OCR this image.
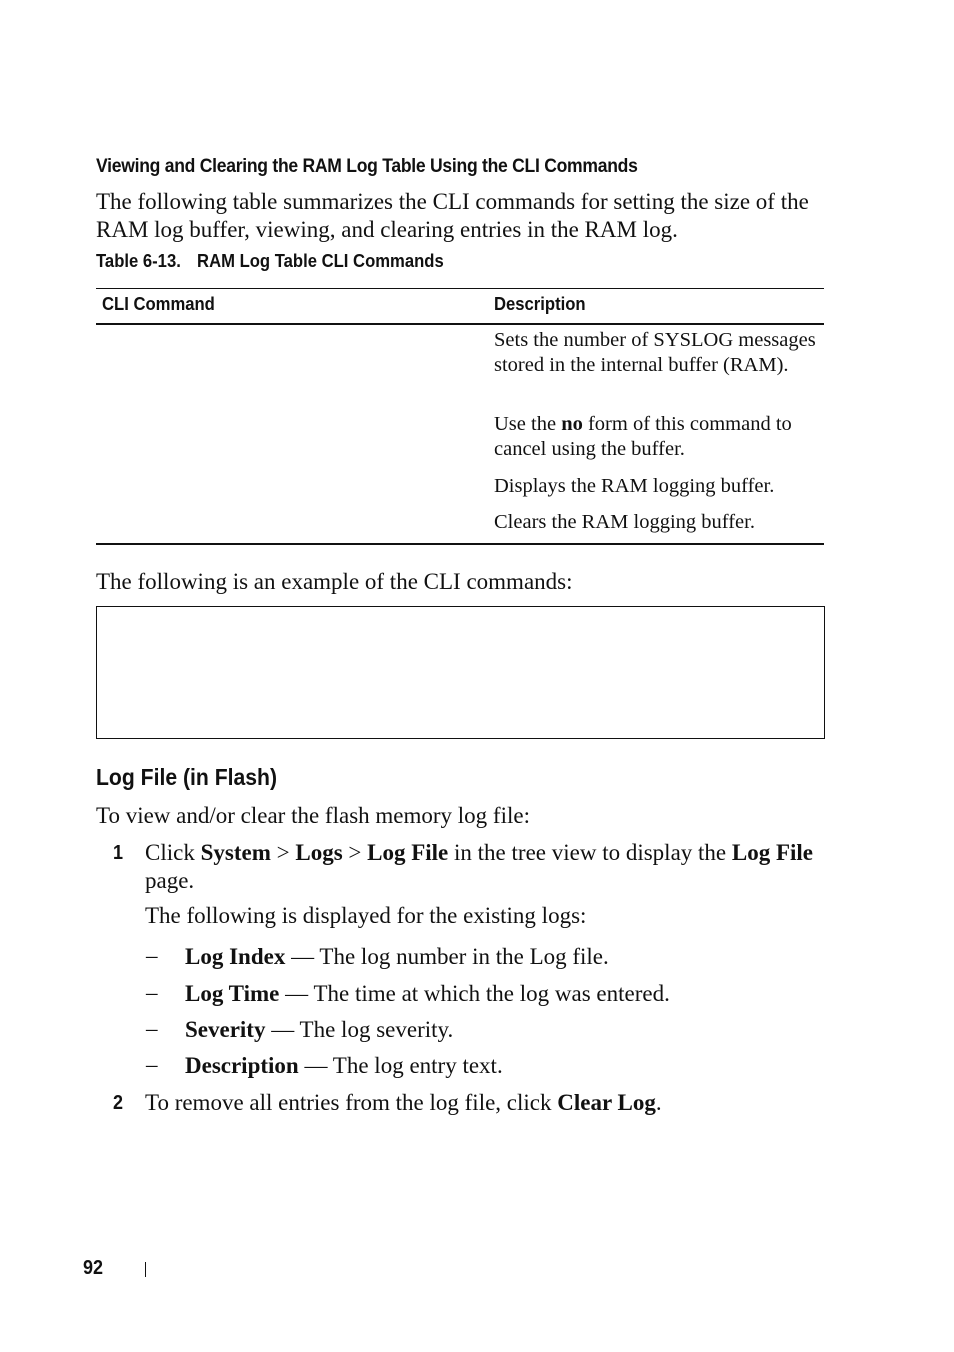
Viewing and Clearing the RAM Log Table Using the CLI Commands
The following table summarizes the CLI commands for setting the size of the RAM log buffer, viewing, and clearing entries in the RAM log.
Table 6-13. RAM Log Table CLI Commands
CLI Command	Description
Sets the number of SYSLOG messages stored in the internal buffer (RAM).
Use the no form of this command to cancel using the buffer.
Displays the RAM logging buffer.
Clears the RAM logging buffer.
The following is an example of the CLI commands:
Log File (in Flash)
To view and/or clear the flash memory log file:
1 Click System > Logs > Log File in the tree view to display the Log File page.
The following is displayed for the existing logs:
– Log Index — The log number in the Log file.
– Log Time — The time at which the log was entered.
– Severity — The log severity.
– Description — The log entry text.
2 To remove all entries from the log file, click Clear Log.
92
